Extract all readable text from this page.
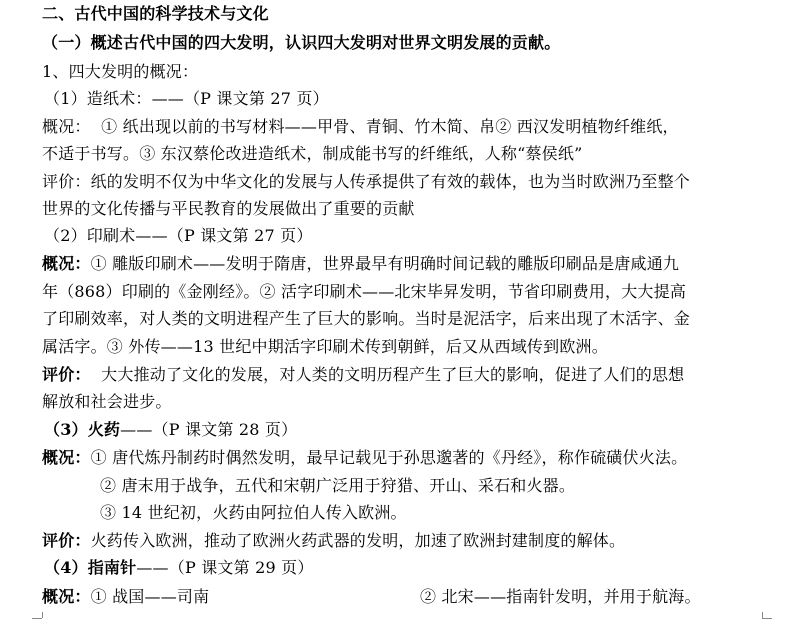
二、古代中国的科学技术与文化
（一）概述古代中国的四大发明，认识四大发明对世界文明发展的贡献。
1、四大发明的概况：
（1）造纸术：——（P 课文第 27 页）
概况：  ① 纸出现以前的书写材料——甲骨、青铜、竹木简、帛② 西汉发明植物纤维纸，
不适于书写。③ 东汉蔡伦改进造纸术，制成能书写的纤维纸，人称“蔡侯纸”
评价：纸的发明不仅为中华文化的发展与人传承提供了有效的载体，也为当时欧洲乃至整个
世界的文化传播与平民教育的发展做出了重要的贡献
（2）印刷术——（P 课文第 27 页）
概况：① 雕版印刷术——发明于隋唐，世界最早有明确时间记载的雕版印刷品是唐咸通九
年（868）印刷的《金刚经》。② 活字印刷术——北宋毕昇发明，节省印刷费用，大大提高
了印刷效率，对人类的文明进程产生了巨大的影响。当时是泥活字，后来出现了木活字、金
属活字。③ 外传——13 世纪中期活字印刷术传到朝鲜，后又从西域传到欧洲。
评价：  大大推动了文化的发展，对人类的文明历程产生了巨大的影响，促进了人们的思想
解放和社会进步。
（3）火药——（P 课文第 28 页）
概况：① 唐代炼丹制药时偶然发明，最早记载见于孙思邈著的《丹经》，称作硫磺伏火法。
② 唐末用于战争，五代和宋朝广泛用于狩猎、开山、采石和火器。
③ 14 世纪初，火药由阿拉伯人传入欧洲。
评价：火药传入欧洲，推动了欧洲火药武器的发明，加速了欧洲封建制度的解体。
（4）指南针——（P 课文第 29 页）
概况：① 战国——司南	② 北宋——指南针发明，并用于航海。
